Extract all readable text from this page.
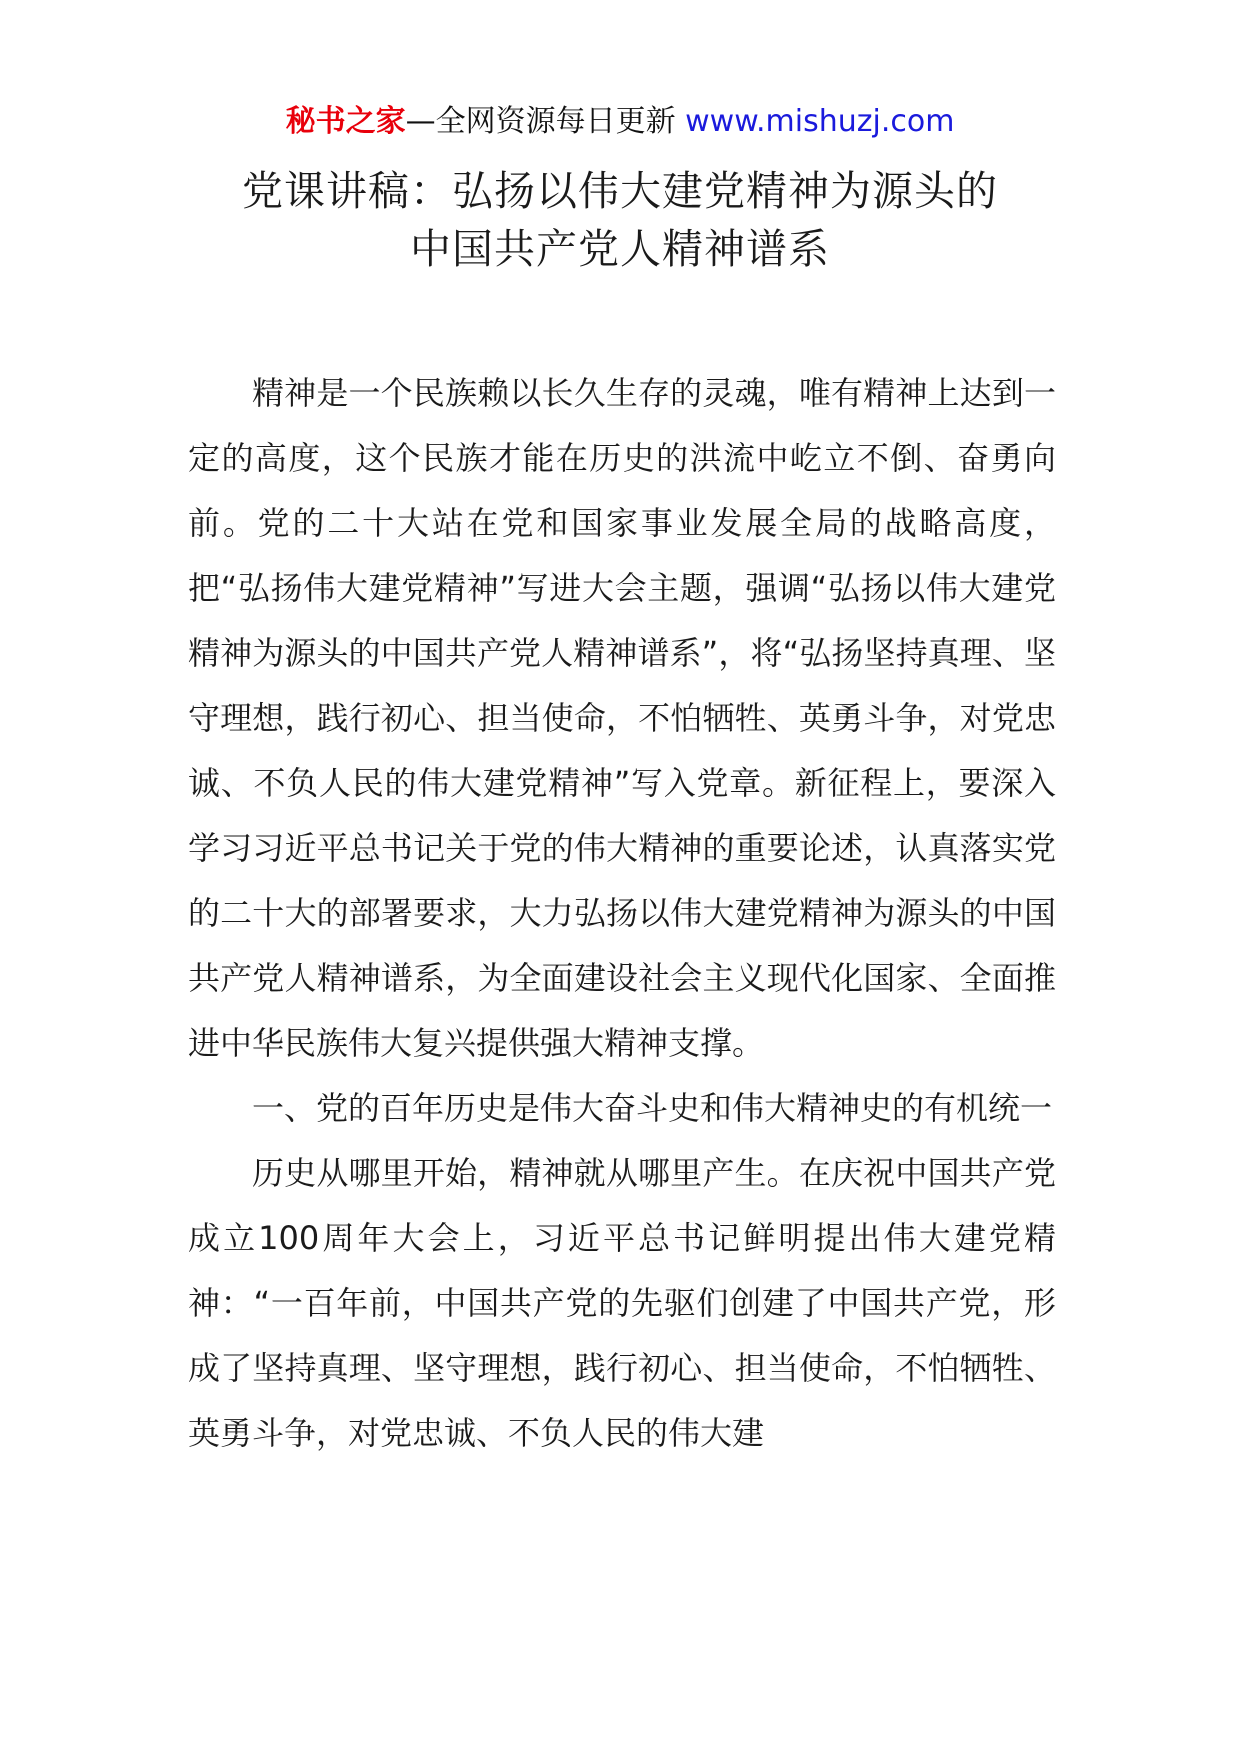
秘书之家—全网资源每日更新 www.mishuzj.com
党课讲稿：弘扬以伟大建党精神为源头的
中国共产党人精神谱系

精神是一个民族赖以长久生存的灵魂，唯有精神上达到一定的高度，这个民族才能在历史的洪流中屹立不倒、奋勇向前。党的二十大站在党和国家事业发展全局的战略高度，把“弘扬伟大建党精神”写进大会主题，强调“弘扬以伟大建党精神为源头的中国共产党人精神谱系”，将“弘扬坚持真理、坚守理想，践行初心、担当使命，不怕牺牲、英勇斗争，对党忠诚、不负人民的伟大建党精神”写入党章。新征程上，要深入学习习近平总书记关于党的伟大精神的重要论述，认真落实党的二十大的部署要求，大力弘扬以伟大建党精神为源头的中国共产党人精神谱系，为全面建设社会主义现代化国家、全面推进中华民族伟大复兴提供强大精神支撑。

一、党的百年历史是伟大奋斗史和伟大精神史的有机统一

历史从哪里开始，精神就从哪里产生。在庆祝中国共产党成立100周年大会上，习近平总书记鲜明提出伟大建党精神：“一百年前，中国共产党的先驱们创建了中国共产党，形成了坚持真理、坚守理想，践行初心、担当使命，不怕牺牲、英勇斗争，对党忠诚、不负人民的伟大建
